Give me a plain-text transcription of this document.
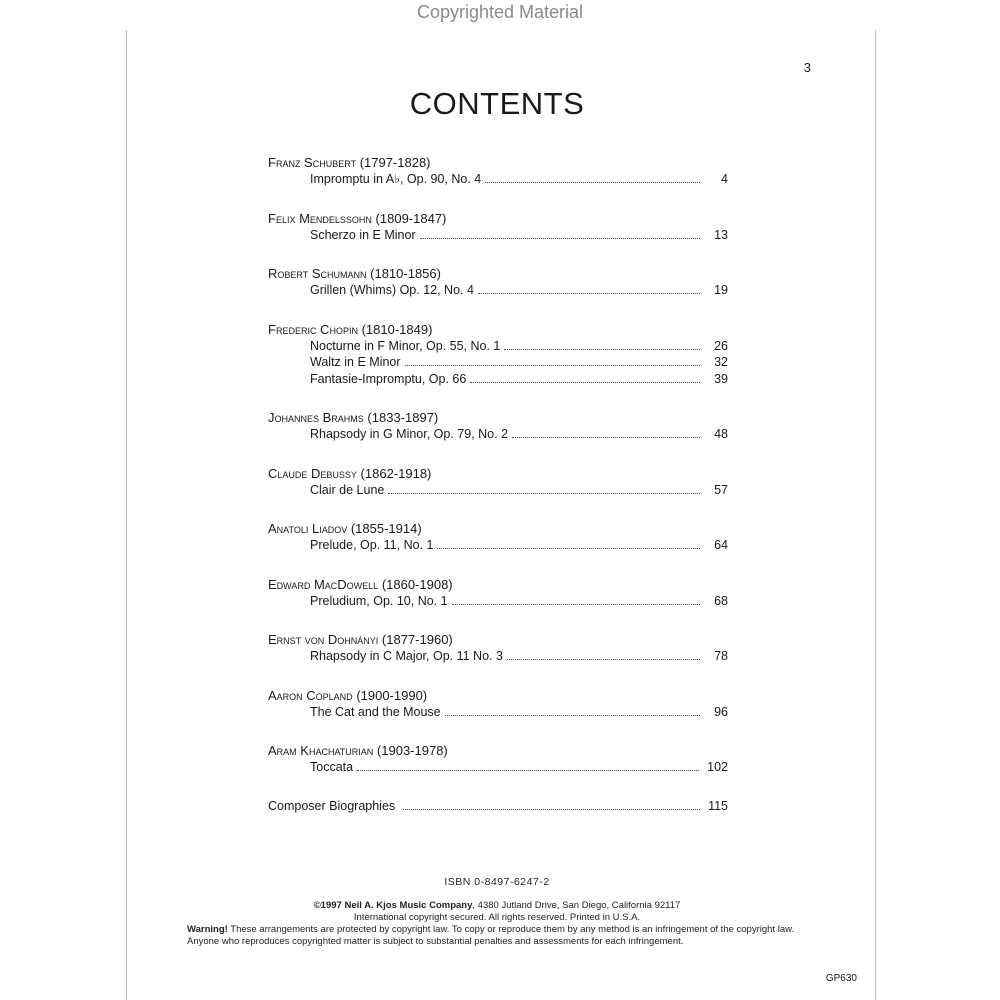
Copyrighted Material
3
CONTENTS
Franz Schubert (1797-1828)
Impromptu in A♭, Op. 90, No. 4	4
Felix Mendelssohn (1809-1847)
Scherzo in E Minor	13
Robert Schumann (1810-1856)
Grillen (Whims) Op. 12, No. 4	19
Frederic Chopin (1810-1849)
Nocturne in F Minor, Op. 55, No. 1	26
Waltz in E Minor	32
Fantasie-Impromptu, Op. 66	39
Johannes Brahms (1833-1897)
Rhapsody in G Minor, Op. 79, No. 2	48
Claude Debussy (1862-1918)
Clair de Lune	57
Anatoli Liadov (1855-1914)
Prelude, Op. 11, No. 1	64
Edward MacDowell (1860-1908)
Preludium, Op. 10, No. 1	68
Ernst von Dohnányi (1877-1960)
Rhapsody in C Major, Op. 11 No. 3	78
Aaron Copland (1900-1990)
The Cat and the Mouse	96
Aram Khachaturian (1903-1978)
Toccata	102
Composer Biographies	115
ISBN 0-8497-6247-2
©1997 Neil A. Kjos Music Company, 4380 Jutland Drive, San Diego, California 92117
International copyright secured. All rights reserved. Printed in U.S.A.
Warning! These arrangements are protected by copyright law. To copy or reproduce them by any method is an infringement of the copyright law. Anyone who reproduces copyrighted matter is subject to substantial penalties and assessments for each infringement.
GP630
